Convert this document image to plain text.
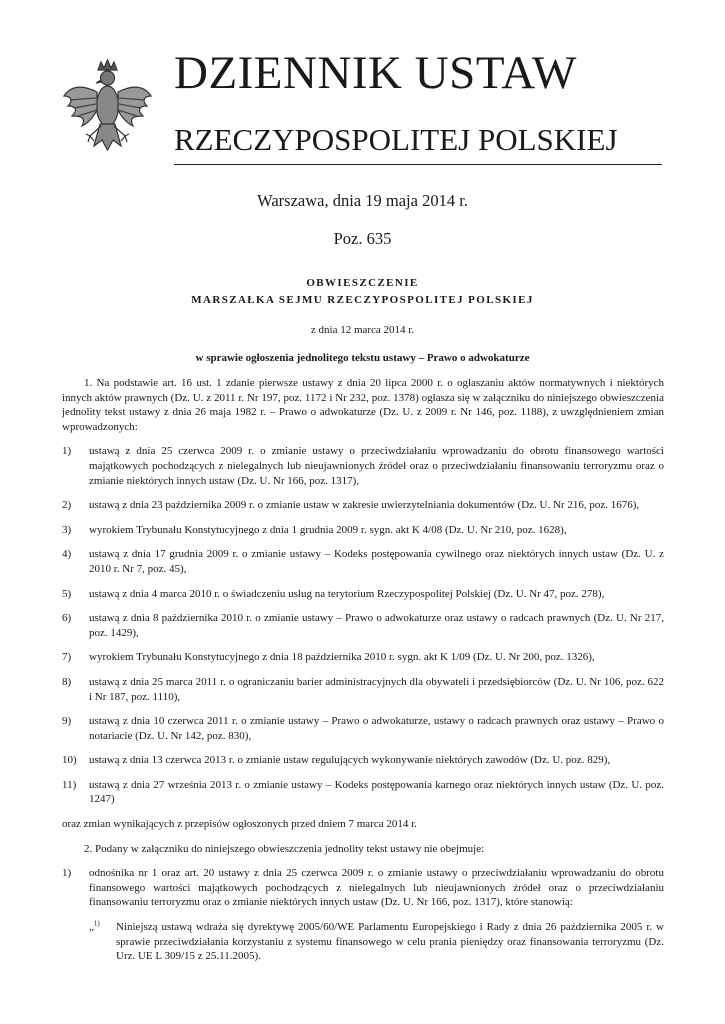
DZIENNIK USTAW
RZECZYPOSPOLITEJ POLSKIEJ
Warszawa, dnia 19 maja 2014 r.
Poz. 635
OBWIESZCZENIE
MARSZAŁKA SEJMU RZECZYPOSPOLITEJ POLSKIEJ
z dnia 12 marca 2014 r.
w sprawie ogłoszenia jednolitego tekstu ustawy – Prawo o adwokaturze

1. Na podstawie art. 16 ust. 1 zdanie pierwsze ustawy z dnia 20 lipca 2000 r. o ogłaszaniu aktów normatywnych i niektórych innych aktów prawnych (Dz. U. z 2011 r. Nr 197, poz. 1172 i Nr 232, poz. 1378) ogłasza się w załączniku do niniejszego obwieszczenia jednolity tekst ustawy z dnia 26 maja 1982 r. – Prawo o adwokaturze (Dz. U. z 2009 r. Nr 146, poz. 1188), z uwzględnieniem zmian wprowadzonych:

1) ustawą z dnia 25 czerwca 2009 r. o zmianie ustawy o przeciwdziałaniu wprowadzaniu do obrotu finansowego wartości majątkowych pochodzących z nielegalnych lub nieujawnionych źródeł oraz o przeciwdziałaniu finansowaniu terroryzmu oraz o zmianie niektórych innych ustaw (Dz. U. Nr 166, poz. 1317),
2) ustawą z dnia 23 października 2009 r. o zmianie ustaw w zakresie uwierzytelniania dokumentów (Dz. U. Nr 216, poz. 1676),
3) wyrokiem Trybunału Konstytucyjnego z dnia 1 grudnia 2009 r. sygn. akt K 4/08 (Dz. U. Nr 210, poz. 1628),
4) ustawą z dnia 17 grudnia 2009 r. o zmianie ustawy – Kodeks postępowania cywilnego oraz niektórych innych ustaw (Dz. U. z 2010 r. Nr 7, poz. 45),
5) ustawą z dnia 4 marca 2010 r. o świadczeniu usług na terytorium Rzeczypospolitej Polskiej (Dz. U. Nr 47, poz. 278),
6) ustawą z dnia 8 października 2010 r. o zmianie ustawy – Prawo o adwokaturze oraz ustawy o radcach prawnych (Dz. U. Nr 217, poz. 1429),
7) wyrokiem Trybunału Konstytucyjnego z dnia 18 października 2010 r. sygn. akt K 1/09 (Dz. U. Nr 200, poz. 1326),
8) ustawą z dnia 25 marca 2011 r. o ograniczaniu barier administracyjnych dla obywateli i przedsiębiorców (Dz. U. Nr 106, poz. 622 i Nr 187, poz. 1110),
9) ustawą z dnia 10 czerwca 2011 r. o zmianie ustawy – Prawo o adwokaturze, ustawy o radcach prawnych oraz ustawy – Prawo o notariacie (Dz. U. Nr 142, poz. 830),
10) ustawą z dnia 13 czerwca 2013 r. o zmianie ustaw regulujących wykonywanie niektórych zawodów (Dz. U. poz. 829),
11) ustawą z dnia 27 września 2013 r. o zmianie ustawy – Kodeks postępowania karnego oraz niektórych innych ustaw (Dz. U. poz. 1247)

oraz zmian wynikających z przepisów ogłoszonych przed dniem 7 marca 2014 r.

2. Podany w załączniku do niniejszego obwieszczenia jednolity tekst ustawy nie obejmuje:

1) odnośnika nr 1 oraz art. 20 ustawy z dnia 25 czerwca 2009 r. o zmianie ustawy o przeciwdziałaniu wprowadzaniu do obrotu finansowego wartości majątkowych pochodzących z nielegalnych lub nieujawnionych źródeł oraz o przeciwdziałaniu finansowaniu terroryzmu oraz o zmianie niektórych innych ustaw (Dz. U. Nr 166, poz. 1317), które stanowią:
„$^{1)}$ Niniejszą ustawą wdraża się dyrektywę 2005/60/WE Parlamentu Europejskiego i Rady z dnia 26 października 2005 r. w sprawie przeciwdziałania korzystaniu z systemu finansowego w celu prania pieniędzy oraz finansowania terroryzmu (Dz. Urz. UE L 309/15 z 25.11.2005).
